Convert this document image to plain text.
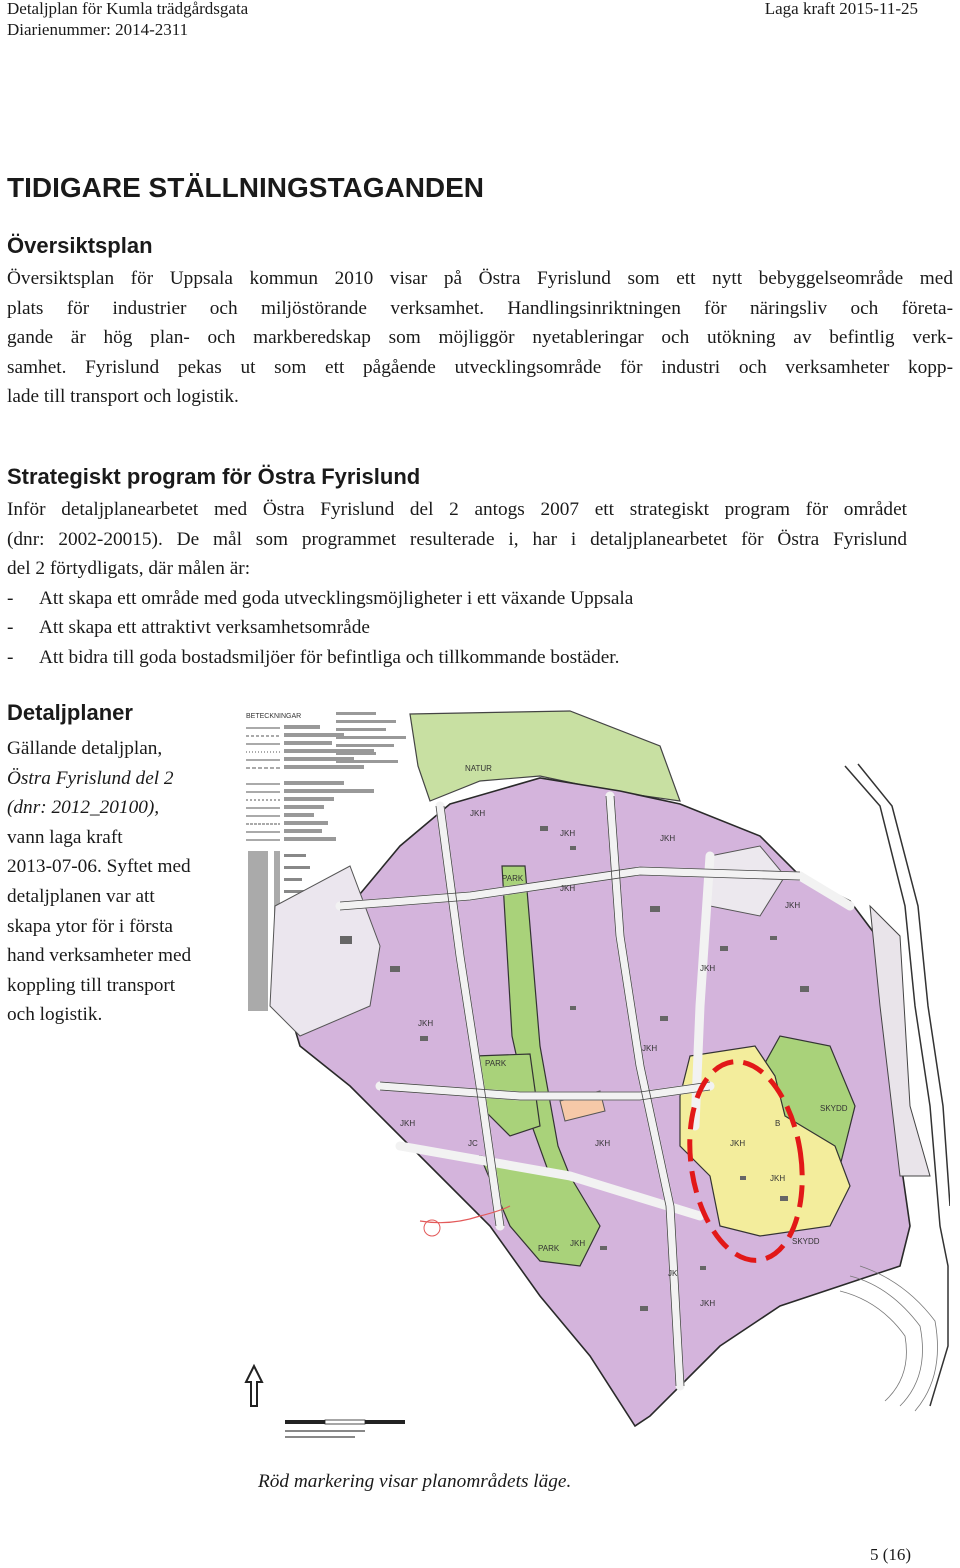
Detaljplan för Kumla trädgårdsgata
Diarienummer: 2014-2311
Laga kraft 2015-11-25
TIDIGARE STÄLLNINGSTAGANDEN
Översiktsplan
Översiktsplan för Uppsala kommun 2010 visar på Östra Fyrislund som ett nytt bebyggelseområde med
plats för industrier och miljöstörande verksamhet. Handlingsinriktningen för näringsliv och företa-
gande är hög plan- och markberedskap som möjliggör nyetableringar och utökning av befintlig verk-
samhet. Fyrislund pekas ut som ett pågående utvecklingsområde för industri och verksamheter kopp-
lade till transport och logistik.
Strategiskt program för Östra Fyrislund
Inför detaljplanearbetet med Östra Fyrislund del 2 antogs 2007 ett strategiskt program för området
(dnr: 2002-20015). De mål som programmet resulterade i, har i detaljplanearbetet för Östra Fyrislund
del 2 förtydligats, där målen är:
- Att skapa ett område med goda utvecklingsmöjligheter i ett växande Uppsala
- Att skapa ett attraktivt verksamhetsområde
- Att bidra till goda bostadsmiljöer för befintliga och tillkommande bostäder.
Detaljplaner
Gällande detaljplan,
Östra Fyrislund del 2
(dnr: 2012_20100),
vann laga kraft
2013-07-06. Syftet med
detaljplanen var att
skapa ytor för i första
hand verksamheter med
koppling till transport
och logistik.
BETECKNINGAR
JKH
JKH
JKH
JKH
JKH
JKH
JKH
JKH
JKH
JKH	JKH
JKH
JKH
JKH
PARK
PARK
PARK
NATUR
SKYDD
SKYDD
B
JC
JK
Röd markering visar planområdets läge.
5 (16)
